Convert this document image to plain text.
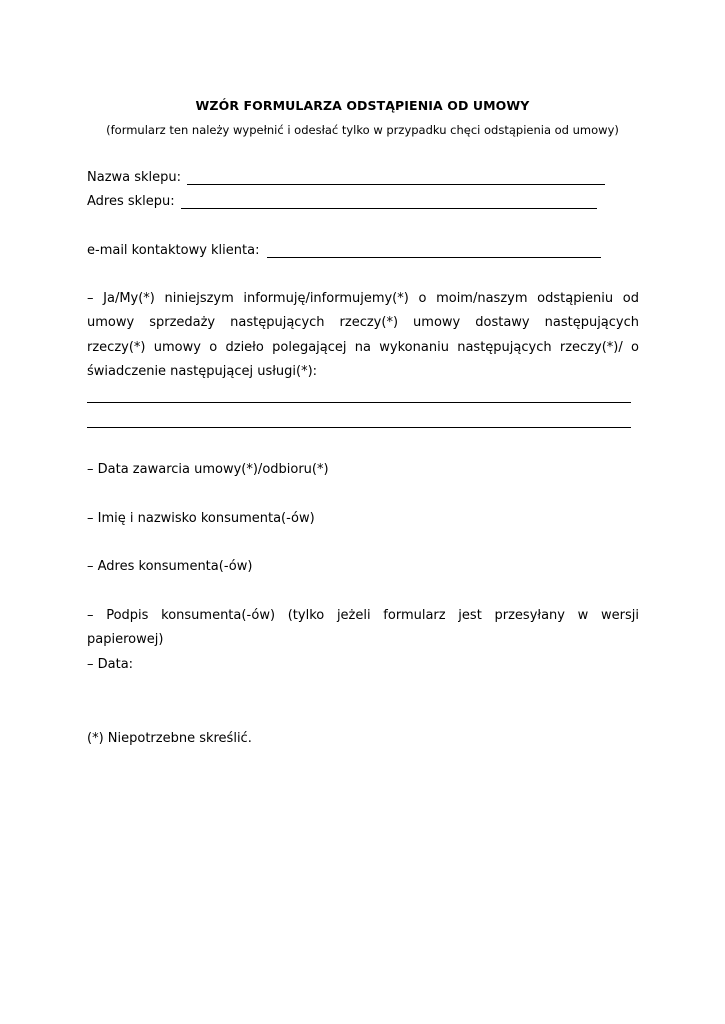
WZÓR FORMULARZA ODSTĄPIENIA OD UMOWY
(formularz ten należy wypełnić i odesłać tylko w przypadku chęci odstąpienia od umowy)
Nazwa sklepu:
Adres sklepu:
e-mail kontaktowy klienta:
– Ja/My(*) niniejszym informuję/informujemy(*) o moim/naszym odstąpieniu od
umowy sprzedaży następujących rzeczy(*) umowy dostawy następujących
rzeczy(*) umowy o dzieło polegającej na wykonaniu następujących rzeczy(*)/ o
świadczenie następującej usługi(*):
– Data zawarcia umowy(*)/odbioru(*)
– Imię i nazwisko konsumenta(-ów)
– Adres konsumenta(-ów)
– Podpis konsumenta(-ów) (tylko jeżeli formularz jest przesyłany w wersji
papierowej)
– Data:
(*) Niepotrzebne skreślić.
